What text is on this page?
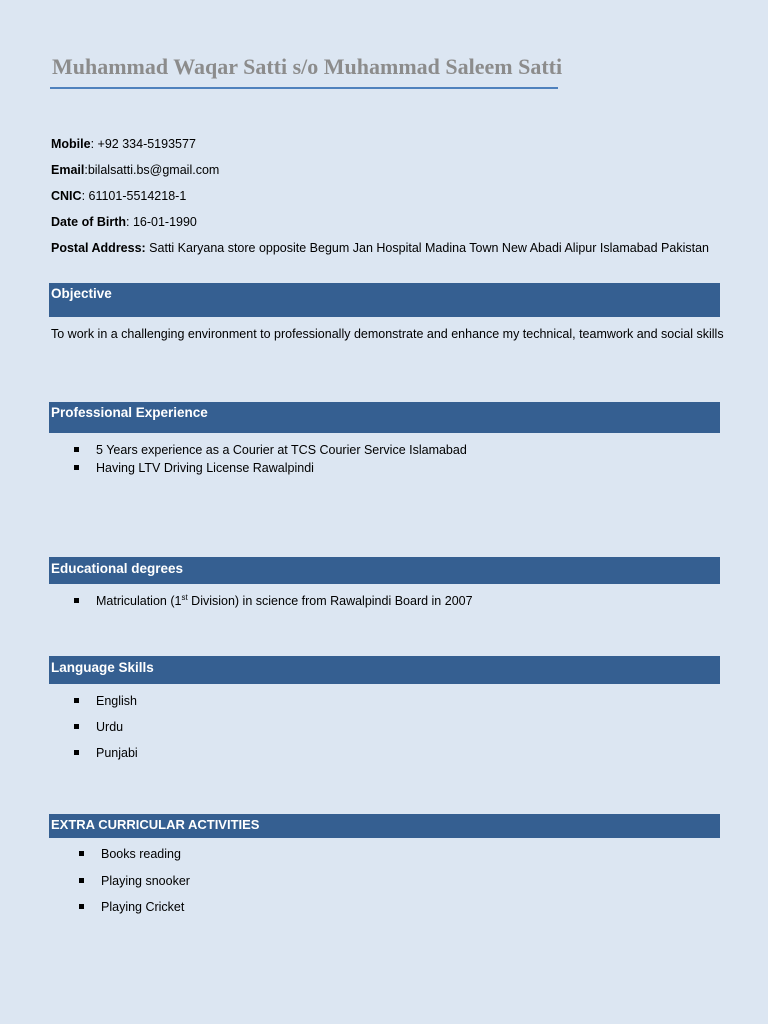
Muhammad Waqar Satti s/o Muhammad Saleem Satti
Mobile: +92 334-5193577
Email:bilalsatti.bs@gmail.com
CNIC: 61101-5514218-1
Date of Birth: 16-01-1990
Postal Address: Satti Karyana store opposite Begum Jan Hospital Madina Town New Abadi Alipur Islamabad Pakistan
Objective
To work in a challenging environment to professionally demonstrate and enhance my technical, teamwork and social skills
Professional Experience
5 Years experience as a Courier at TCS Courier Service Islamabad
Having LTV Driving License Rawalpindi
Educational degrees
Matriculation (1st Division) in science from Rawalpindi Board in 2007
Language Skills
English
Urdu
Punjabi
EXTRA CURRICULAR ACTIVITIES
Books reading
Playing snooker
Playing Cricket
